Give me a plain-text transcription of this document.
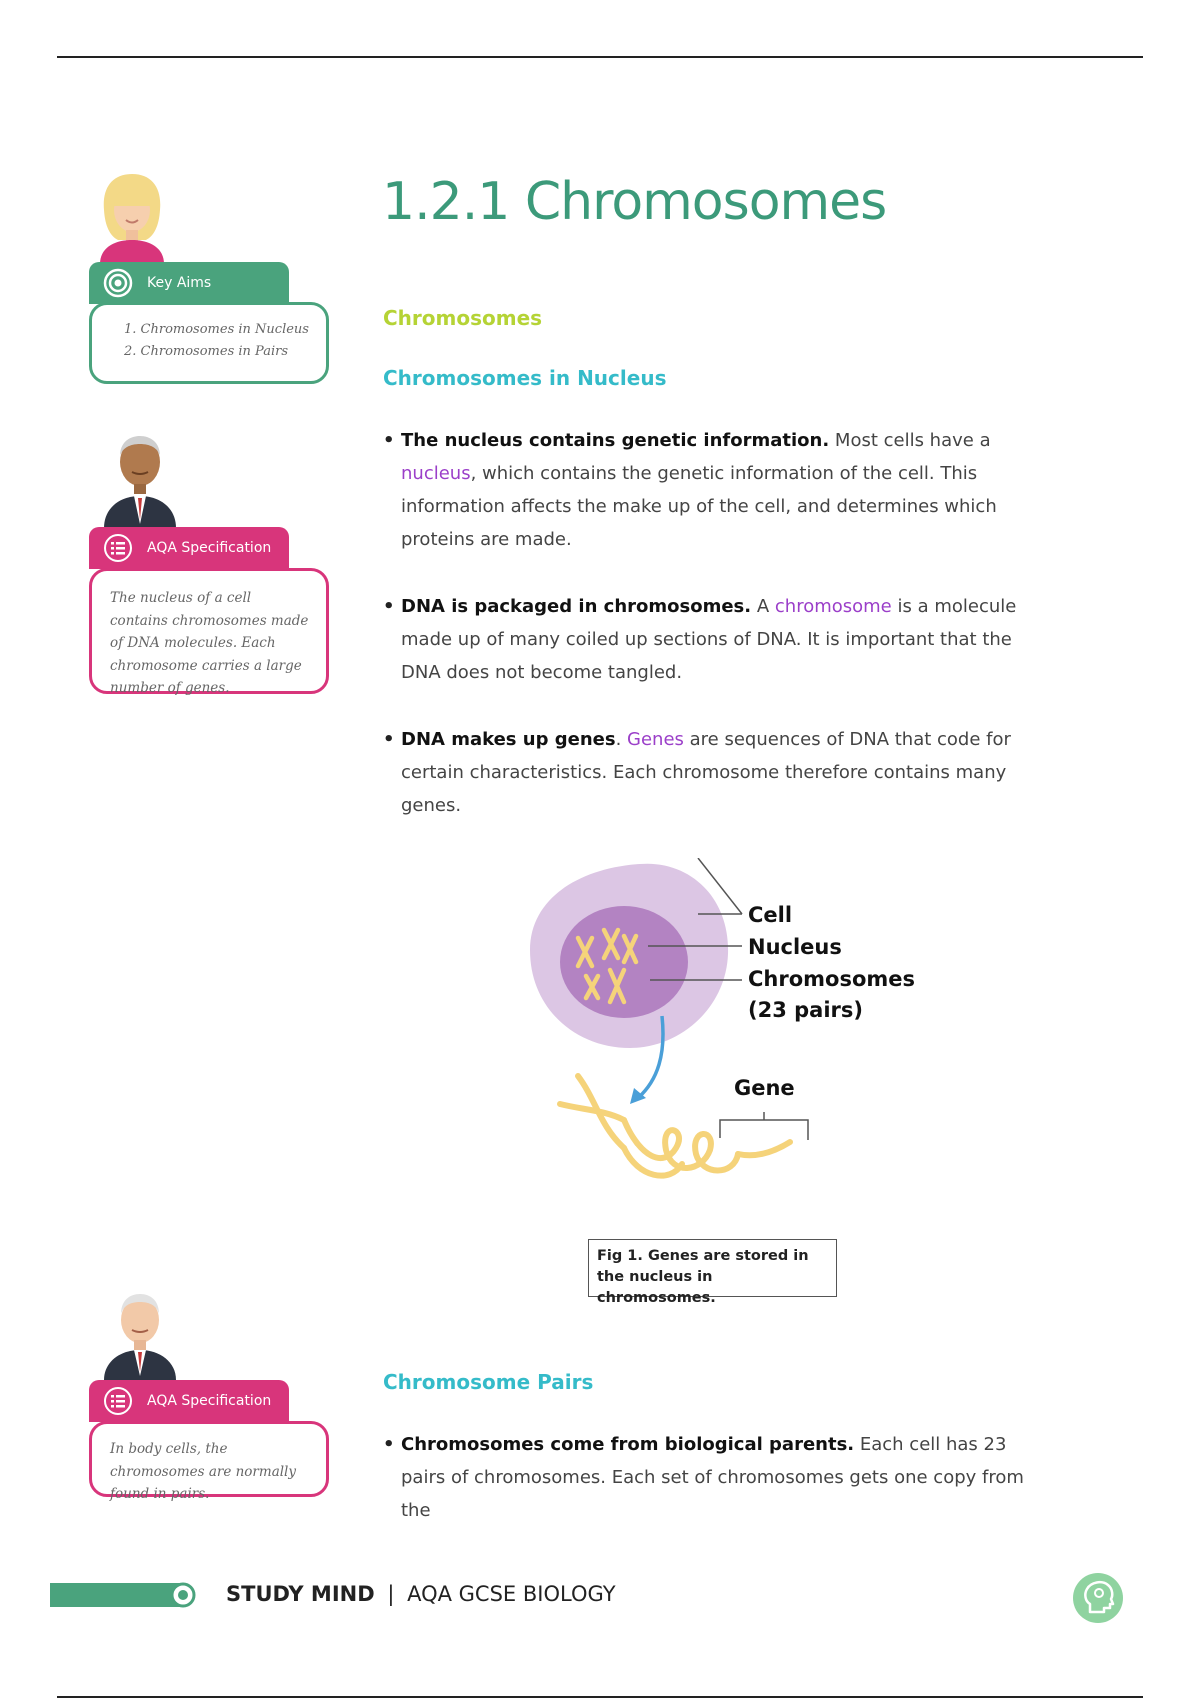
Key Aims
1. Chromosomes in Nucleus
2. Chromosomes in Pairs
AQA Specification
The nucleus of a cell contains chromosomes made of DNA molecules. Each chromosome carries a large number of genes.
1.2.1 Chromosomes
Chromosomes
Chromosomes in Nucleus
• The nucleus contains genetic information. Most cells have a nucleus, which contains the genetic information of the cell. This information affects the make up of the cell, and determines which proteins are made.
• DNA is packaged in chromosomes. A chromosome is a molecule made up of many coiled up sections of DNA. It is important that the DNA does not become tangled.
• DNA makes up genes. Genes are sequences of DNA that code for certain characteristics. Each chromosome therefore contains many genes.
Cell
Nucleus
Chromosomes
(23 pairs)
Gene
Fig 1. Genes are stored in the nucleus in chromosomes.
AQA Specification
In body cells, the chromosomes are normally found in pairs.
Chromosome Pairs
• Chromosomes come from biological parents. Each cell has 23 pairs of chromosomes. Each set of chromosomes gets one copy from the
STUDY MIND | AQA GCSE BIOLOGY
